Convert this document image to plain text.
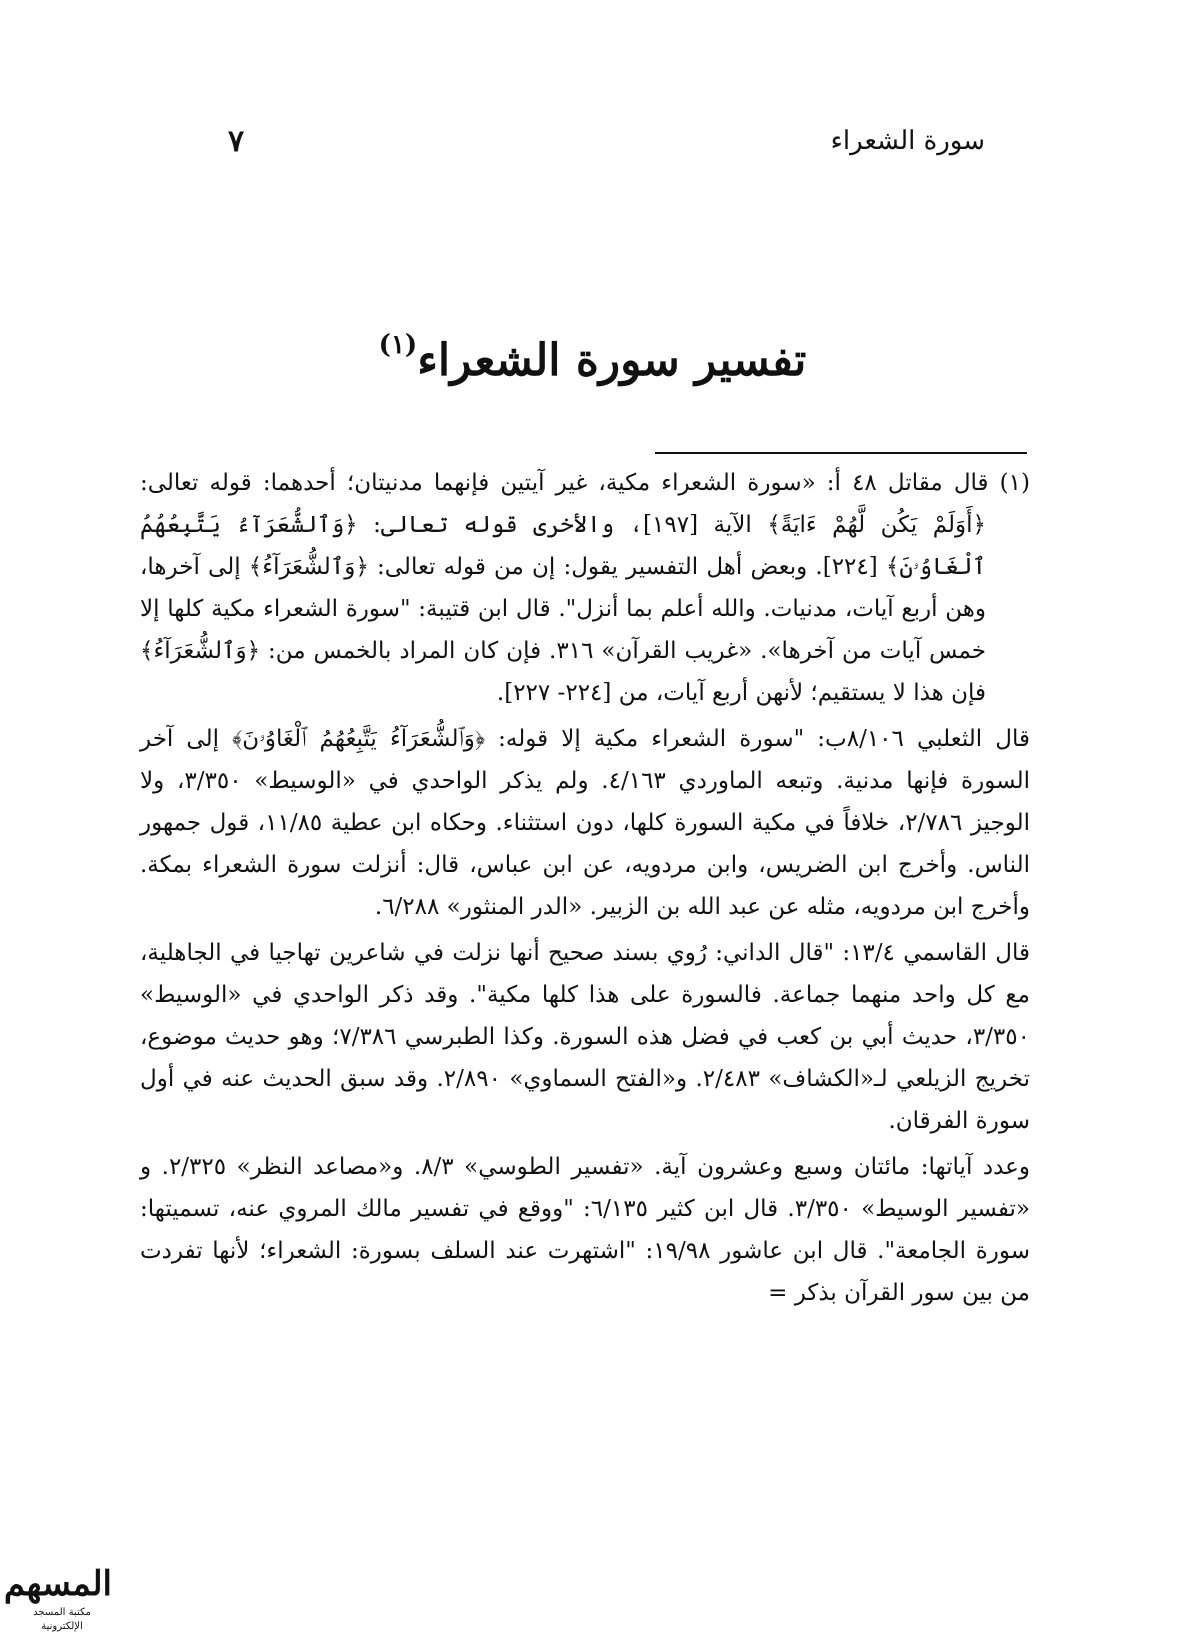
سورة الشعراء
٧
تفسير سورة الشعراء$^{(١)}$

(١) قال مقاتل ٤٨ أ: «سورة الشعراء مكية، غير آيتين فإنهما مدنيتان؛ أحدهما: قوله تعالى: ﴿أَوَلَمْ يَكُن لَّهُمْ ءَايَةً﴾ الآية [١٩٧]، والأخرى قوله تعالى: ﴿وَٱلشُّعَرَآءُ يَتَّبِعُهُمُ ٱلْغَاوُۥنَ﴾ [٢٢٤]. وبعض أهل التفسير يقول: إن من قوله تعالى: ﴿وَٱلشُّعَرَآءُ﴾ إلى آخرها، وهن أربع آيات، مدنيات. والله أعلم بما أنزل". قال ابن قتيبة: "سورة الشعراء مكية كلها إلا خمس آيات من آخرها». «غريب القرآن» ٣١٦. فإن كان المراد بالخمس من: ﴿وَٱلشُّعَرَآءُ﴾ فإن هذا لا يستقيم؛ لأنهن أربع آيات، من [٢٢٤- ٢٢٧].

قال الثعلبي ٨/١٠٦ب: "سورة الشعراء مكية إلا قوله: ﴿وَٱلشُّعَرَآءُ يَتَّبِعُهُمُ ٱلْغَاوُۥنَ﴾ إلى آخر السورة فإنها مدنية. وتبعه الماوردي ٤/١٦٣. ولم يذكر الواحدي في «الوسيط» ٣/٣٥٠، ولا الوجيز ٢/٧٨٦، خلافاً في مكية السورة كلها، دون استثناء. وحكاه ابن عطية ١١/٨٥، قول جمهور الناس. وأخرج ابن الضريس، وابن مردويه، عن ابن عباس، قال: أنزلت سورة الشعراء بمكة. وأخرج ابن مردويه، مثله عن عبد الله بن الزبير. «الدر المنثور» ٦/٢٨٨.

قال القاسمي ١٣/٤: "قال الداني: رُوي بسند صحيح أنها نزلت في شاعرين تهاجيا في الجاهلية، مع كل واحد منهما جماعة. فالسورة على هذا كلها مكية". وقد ذكر الواحدي في «الوسيط» ٣/٣٥٠، حديث أبي بن كعب في فضل هذه السورة. وكذا الطبرسي ٧/٣٨٦؛ وهو حديث موضوع، تخريج الزيلعي لـ«الكشاف» ٢/٤٨٣. و«الفتح السماوي» ٢/٨٩٠. وقد سبق الحديث عنه في أول سورة الفرقان.

وعدد آياتها: مائتان وسبع وعشرون آية. «تفسير الطوسي» ٨/٣. و«مصاعد النظر» ٢/٣٢٥. و «تفسير الوسيط» ٣/٣٥٠. قال ابن كثير ٦/١٣٥: "ووقع في تفسير مالك المروي عنه، تسميتها: سورة الجامعة". قال ابن عاشور ١٩/٩٨: "اشتهرت عند السلف بسورة: الشعراء؛ لأنها تفردت من بين سور القرآن بذكر =

المسهم
مكتبة المسجد الإلكترونية
